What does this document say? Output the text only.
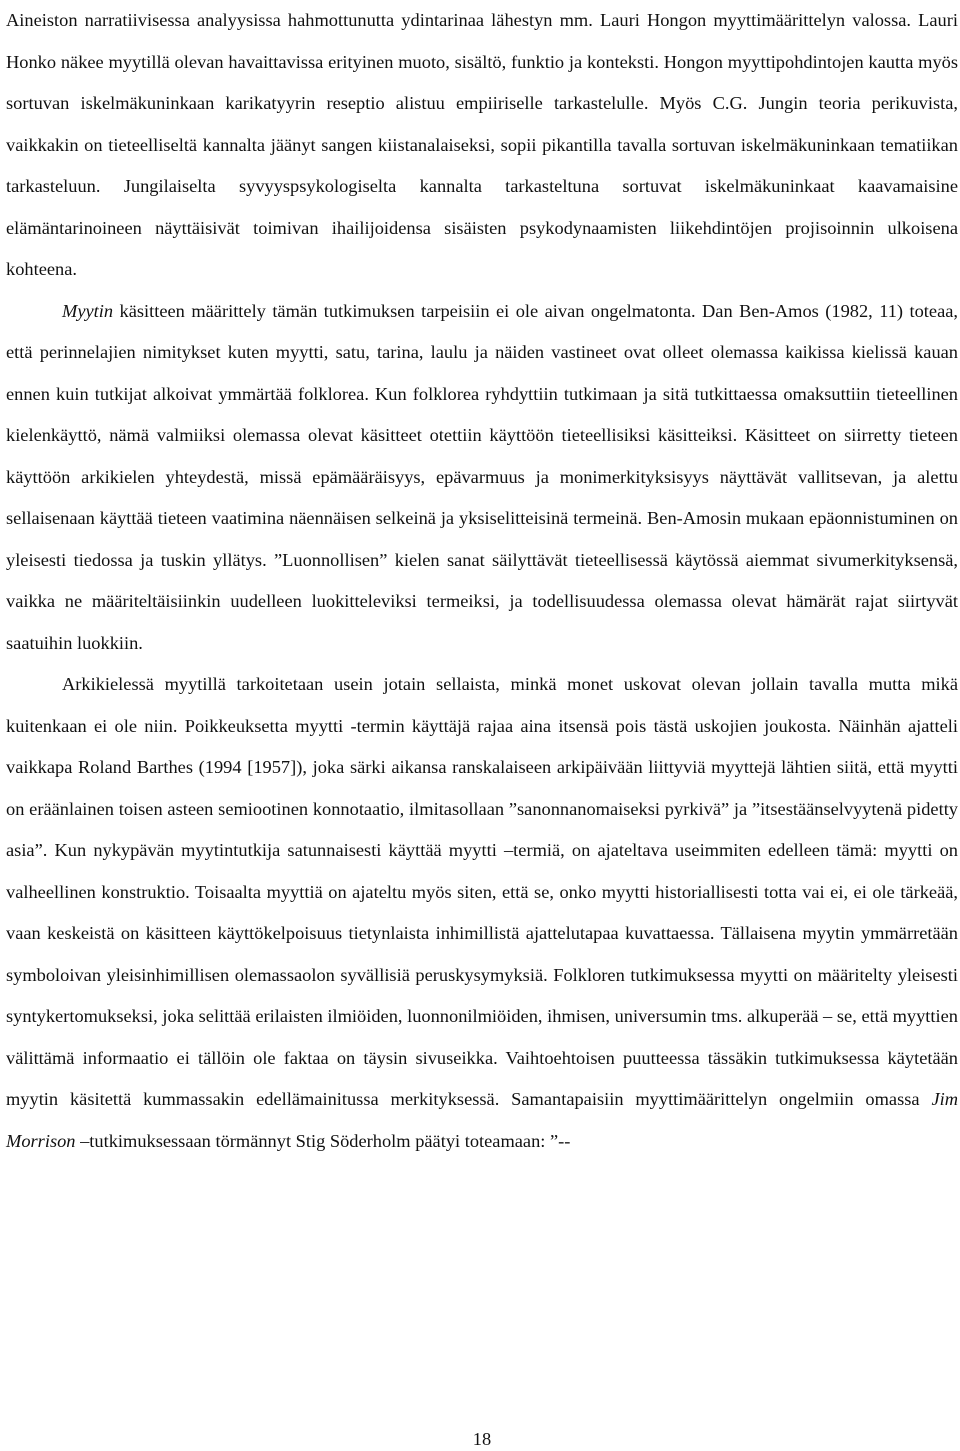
Aineiston narratiivisessa analyysissa hahmottunutta ydintarinaa lähestyn mm. Lauri Hongon myyttimäärittelyn valossa. Lauri Honko näkee myytillä olevan havaittavissa erityinen muoto, sisältö, funktio ja konteksti. Hongon myyttipohdintojen kautta myös sortuvan iskelmäkuninkaan karikatyyrin reseptio alistuu empiiriselle tarkastelulle. Myös C.G. Jungin teoria perikuvista, vaikkakin on tieteelliseltä kannalta jäänyt sangen kiistanalaiseksi, sopii pikantilla tavalla sortuvan iskelmäkuninkaan tematiikan tarkasteluun. Jungilaiselta syvyyspsykologiselta kannalta tarkasteltuna sortuvat iskelmäkuninkaat kaavamaisine elämäntarinoineen näyttäisivät toimivan ihailijoidensa sisäisten psykodynaamisten liikehdintöjen projisoinnin ulkoisena kohteena.

Myytin käsitteen määrittely tämän tutkimuksen tarpeisiin ei ole aivan ongelmatonta. Dan Ben-Amos (1982, 11) toteaa, että perinnelajien nimitykset kuten myytti, satu, tarina, laulu ja näiden vastineet ovat olleet olemassa kaikissa kielissä kauan ennen kuin tutkijat alkoivat ymmärtää folklorea. Kun folklorea ryhdyttiin tutkimaan ja sitä tutkittaessa omaksuttiin tieteellinen kielenkäyttö, nämä valmiiksi olemassa olevat käsitteet otettiin käyttöön tieteellisiksi käsitteiksi. Käsitteet on siirretty tieteen käyttöön arkikielen yhteydestä, missä epämääräisyys, epävarmuus ja monimerkityksisyys näyttävät vallitsevan, ja alettu sellaisenaan käyttää tieteen vaatimina näennäisen selkeinä ja yksiselitteisinä termeinä. Ben-Amosin mukaan epäonnistuminen on yleisesti tiedossa ja tuskin yllätys. ”Luonnollisen” kielen sanat säilyttävät tieteellisessä käytössä aiemmat sivumerkityksensä, vaikka ne määriteltäisiinkin uudelleen luokitteleviksi termeiksi, ja todellisuudessa olemassa olevat hämärät rajat siirtyvät saatuihin luokkiin.

Arkikielessä myytillä tarkoitetaan usein jotain sellaista, minkä monet uskovat olevan jollain tavalla mutta mikä kuitenkaan ei ole niin. Poikkeuksetta myytti -termin käyttäjä rajaa aina itsensä pois tästä uskojien joukosta. Näinhän ajatteli vaikkapa Roland Barthes (1994 [1957]), joka särki aikansa ranskalaiseen arkipäivään liittyviä myyttejä lähtien siitä, että myytti on eräänlainen toisen asteen semiootinen konnotaatio, ilmitasollaan ”sanonnanomaiseksi pyrkivä” ja ”itsestäänselvyytenä pidetty asia”. Kun nykypävän myytintutkija satunnaisesti käyttää myytti –termiä, on ajateltava useimmiten edelleen tämä: myytti on valheellinen konstruktio. Toisaalta myyttiä on ajateltu myös siten, että se, onko myytti historiallisesti totta vai ei, ei ole tärkeää, vaan keskeistä on käsitteen käyttökelpoisuus tietynlaista inhimillistä ajattelutapaa kuvattaessa. Tällaisena myytin ymmärretään symboloivan yleisinhimillisen olemassaolon syvällisiä peruskysymyksiä. Folkloren tutkimuksessa myytti on määritelty yleisesti syntykertomukseksi, joka selittää erilaisten ilmiöiden, luonnonilmiöiden, ihmisen, universumin tms. alkuperää – se, että myyttien välittämä informaatio ei tällöin ole faktaa on täysin sivuseikka. Vaihtoehtoisen puutteessa tässäkin tutkimuksessa käytetään myytin käsitettä kummassakin edellämainitussa merkityksessä. Samantapaisiin myyttimäärittelyn ongelmiin omassa Jim Morrison –tutkimuksessaan törmännyt Stig Söderholm päätyi toteamaan: ”--

18
